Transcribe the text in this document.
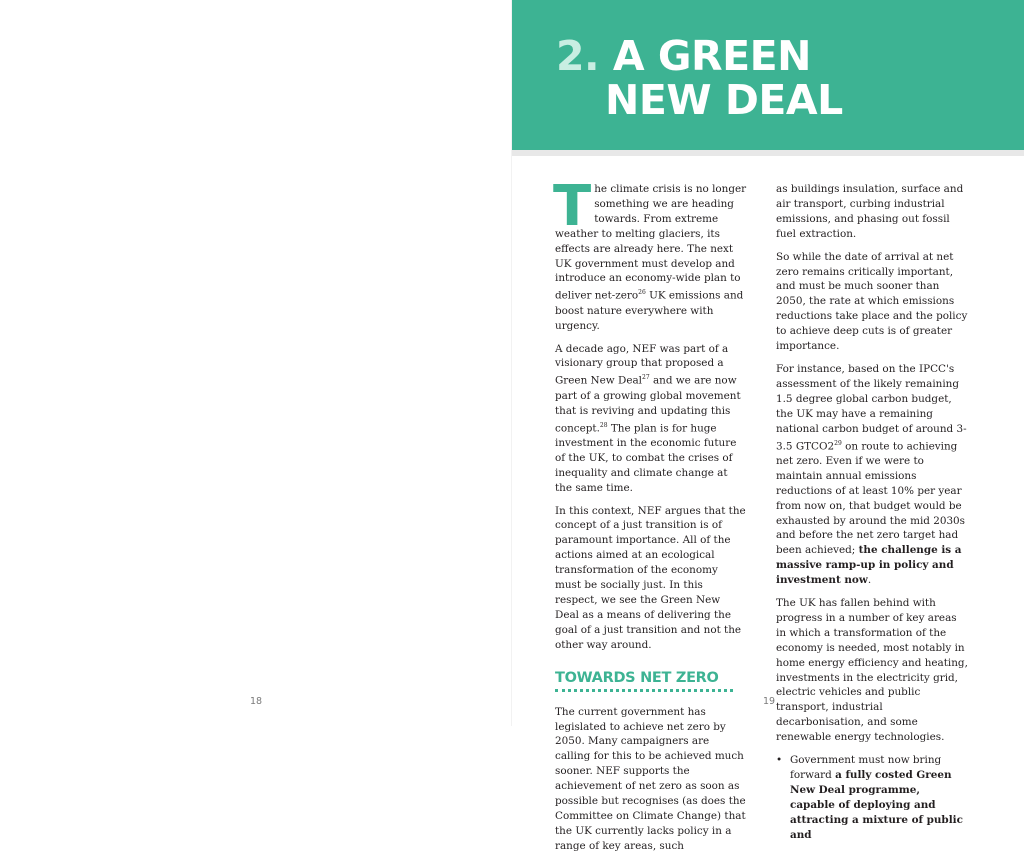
18
2. A GREEN
NEW DEAL

The climate crisis is no longer something we are heading towards. From extreme weather to melting glaciers, its effects are already here. The next UK government must develop and introduce an economy-wide plan to deliver net-zero$^{26}$ UK emissions and boost nature everywhere with urgency.

A decade ago, NEF was part of a visionary group that proposed a Green New Deal$^{27}$ and we are now part of a growing global movement that is reviving and updating this concept.$^{28}$ The plan is for huge investment in the economic future of the UK, to combat the crises of inequality and climate change at the same time.

In this context, NEF argues that the concept of a just transition is of paramount importance. All of the actions aimed at an ecological transformation of the economy must be socially just. In this respect, we see the Green New Deal as a means of delivering the goal of a just transition and not the other way around.

TOWARDS NET ZERO

The current government has legislated to achieve net zero by 2050. Many campaigners are calling for this to be achieved much sooner. NEF supports the achievement of net zero as soon as possible but recognises (as does the Committee on Climate Change) that the UK currently lacks policy in a range of key areas, such

as buildings insulation, surface and air transport, curbing industrial emissions, and phasing out fossil fuel extraction.

So while the date of arrival at net zero remains critically important, and must be much sooner than 2050, the rate at which emissions reductions take place and the policy to achieve deep cuts is of greater importance.

For instance, based on the IPCC's assessment of the likely remaining 1.5 degree global carbon budget, the UK may have a remaining national carbon budget of around 3-3.5 $GTCO2^{29}$ on route to achieving net zero. Even if we were to maintain annual emissions reductions of at least 10% per year from now on, that budget would be exhausted by around the mid 2030s and before the net zero target had been achieved; the challenge is a massive ramp-up in policy and investment now.

The UK has fallen behind with progress in a number of key areas in which a transformation of the economy is needed, most notably in home energy efficiency and heating, investments in the electricity grid, electric vehicles and public transport, industrial decarbonisation, and some renewable energy technologies.

• Government must now bring forward a fully costed Green New Deal programme, capable of deploying and attracting a mixture of public and
19
